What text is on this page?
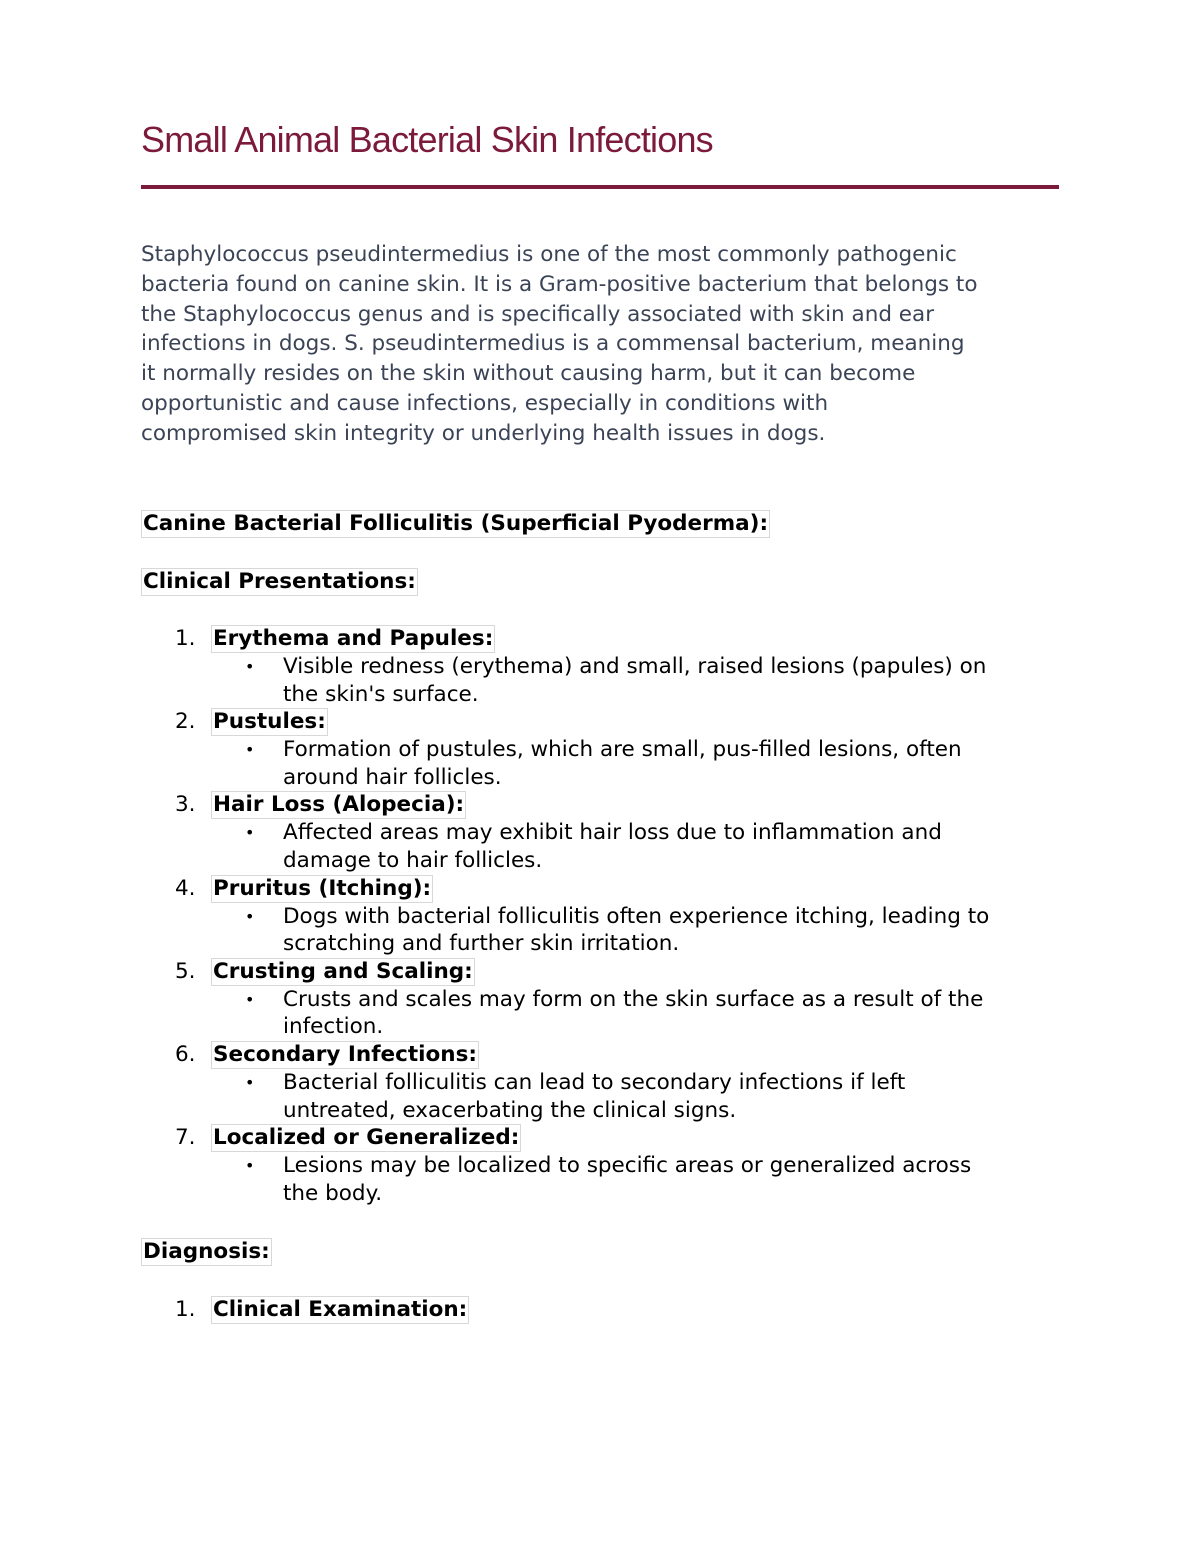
Small Animal Bacterial Skin Infections

Staphylococcus pseudintermedius is one of the most commonly pathogenic
bacteria found on canine skin. It is a Gram-positive bacterium that belongs to
the Staphylococcus genus and is specifically associated with skin and ear
infections in dogs. S. pseudintermedius is a commensal bacterium, meaning
it normally resides on the skin without causing harm, but it can become
opportunistic and cause infections, especially in conditions with
compromised skin integrity or underlying health issues in dogs.

Canine Bacterial Folliculitis (Superficial Pyoderma):

Clinical Presentations:

1. Erythema and Papules:
• Visible redness (erythema) and small, raised lesions (papules) on
the skin's surface.
2. Pustules:
• Formation of pustules, which are small, pus-filled lesions, often
around hair follicles.
3. Hair Loss (Alopecia):
• Affected areas may exhibit hair loss due to inflammation and
damage to hair follicles.
4. Pruritus (Itching):
• Dogs with bacterial folliculitis often experience itching, leading to
scratching and further skin irritation.
5. Crusting and Scaling:
• Crusts and scales may form on the skin surface as a result of the
infection.
6. Secondary Infections:
• Bacterial folliculitis can lead to secondary infections if left
untreated, exacerbating the clinical signs.
7. Localized or Generalized:
• Lesions may be localized to specific areas or generalized across
the body.

Diagnosis:

1. Clinical Examination:
